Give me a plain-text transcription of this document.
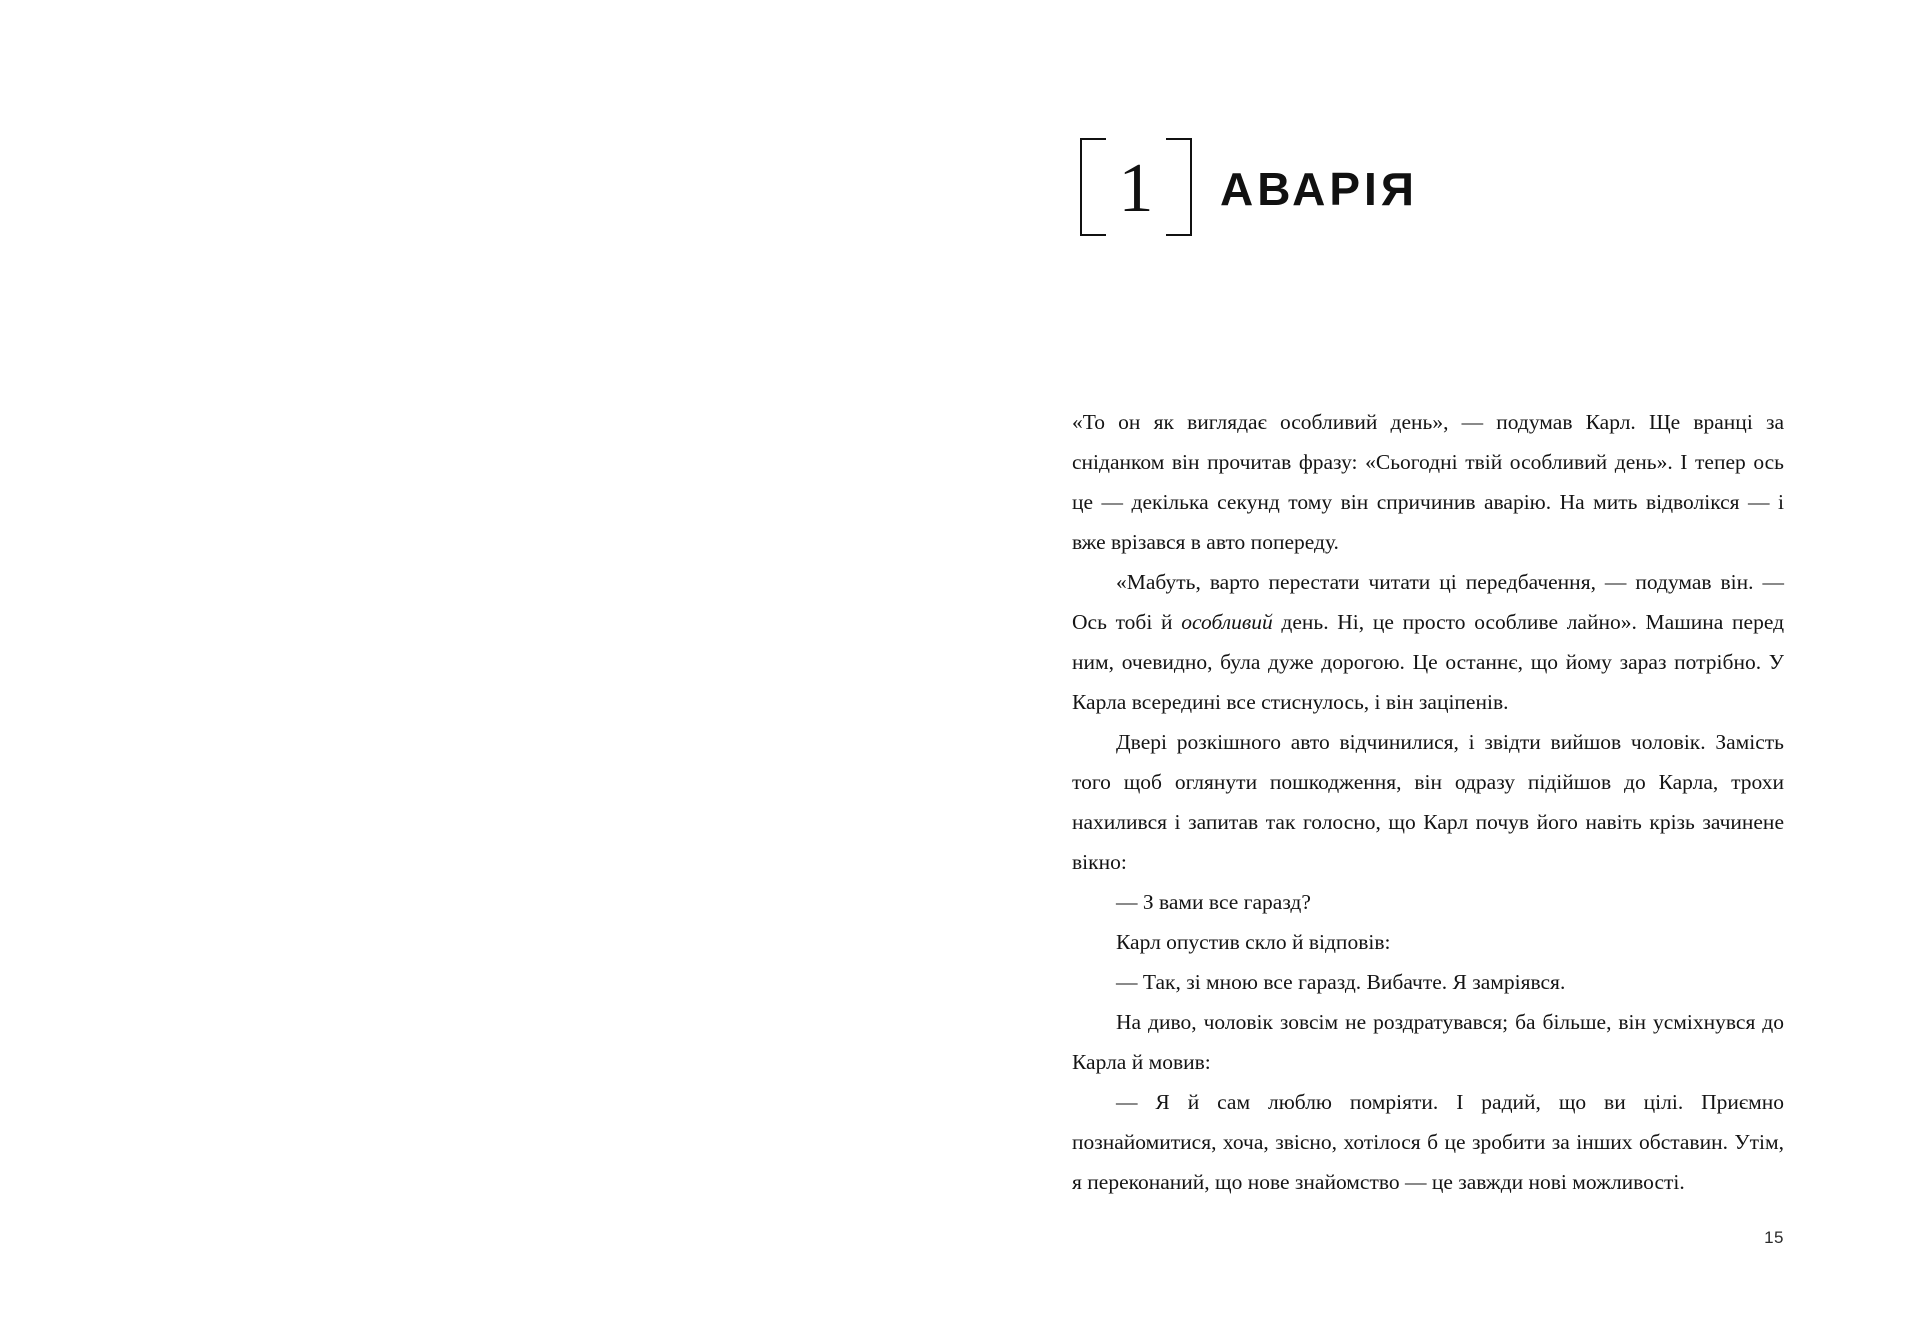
1 АВАРІЯ

«То он як виглядає особливий день», — подумав Карл. Ще вранці за сніданком він прочитав фразу: «Сьогодні твій особливий день». І тепер ось це — декілька секунд тому він спричинив аварію. На мить відволікся — і вже врізався в авто попереду.

«Мабуть, варто перестати читати ці передбачення, — подумав він. — Ось тобі й особливий день. Ні, це просто особливе лайно». Машина перед ним, очевидно, була дуже дорогою. Це останнє, що йому зараз потрібно. У Карла всередині все стиснулось, і він заціпенів.

Двері розкішного авто відчинилися, і звідти вийшов чоловік. Замість того щоб оглянути пошкодження, він одразу підійшов до Карла, трохи нахилився і запитав так голосно, що Карл почув його навіть крізь зачинене вікно:

— З вами все гаразд?

Карл опустив скло й відповів:

— Так, зі мною все гаразд. Вибачте. Я замріявся.

На диво, чоловік зовсім не роздратувався; ба більше, він усміхнувся до Карла й мовив:

— Я й сам люблю помріяти. І радий, що ви цілі. Приємно познайомитися, хоча, звісно, хотілося б це зробити за інших обставин. Утім, я переконаний, що нове знайомство — це завжди нові можливості.

15
